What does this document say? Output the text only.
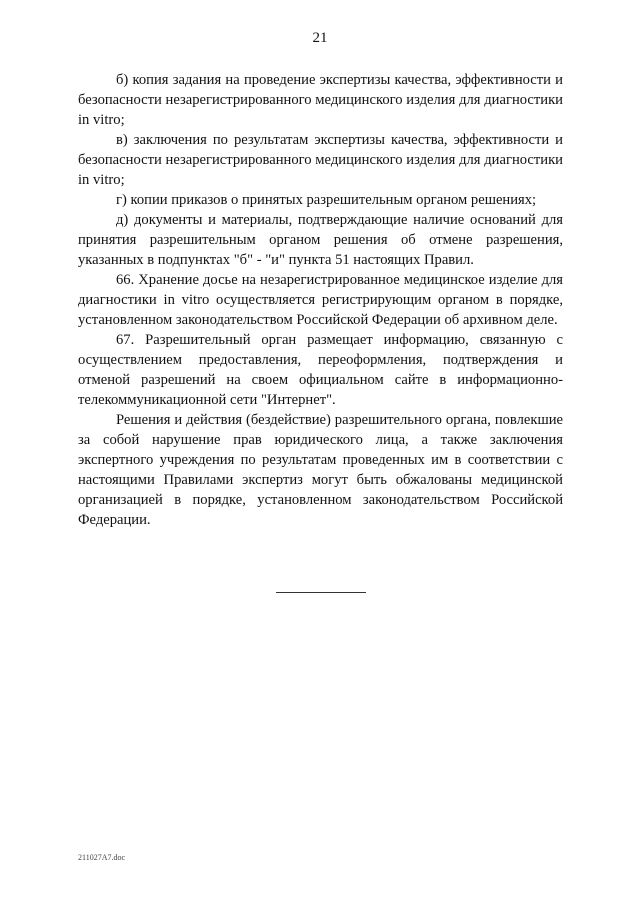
21

б) копия задания на проведение экспертизы качества, эффективности и безопасности незарегистрированного медицинского изделия для диагностики in vitro;

в) заключения по результатам экспертизы качества, эффективности и безопасности незарегистрированного медицинского изделия для диагностики in vitro;

г) копии приказов о принятых разрешительным органом решениях;

д) документы и материалы, подтверждающие наличие оснований для принятия разрешительным органом решения об отмене разрешения, указанных в подпунктах "б" - "и" пункта 51 настоящих Правил.

66. Хранение досье на незарегистрированное медицинское изделие для диагностики in vitro осуществляется регистрирующим органом в порядке, установленном законодательством Российской Федерации об архивном деле.

67. Разрешительный орган размещает информацию, связанную с осуществлением предоставления, переоформления, подтверждения и отменой разрешений на своем официальном сайте в информационно-телекоммуникационной сети "Интернет".

Решения и действия (бездействие) разрешительного органа, повлекшие за собой нарушение прав юридического лица, а также заключения экспертного учреждения по результатам проведенных им в соответствии с настоящими Правилами экспертиз могут быть обжалованы медицинской организацией в порядке, установленном законодательством Российской Федерации.

211027A7.doc
